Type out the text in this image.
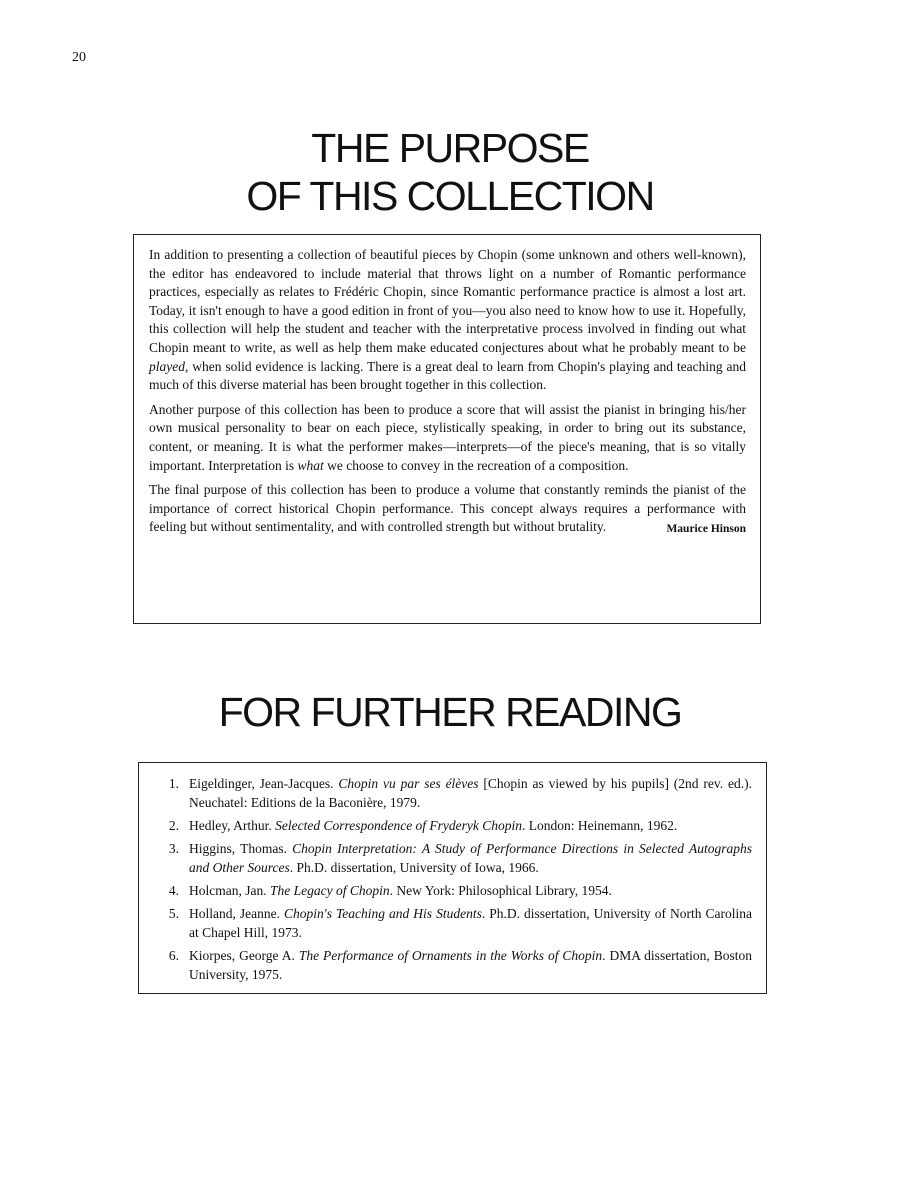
20
THE PURPOSE
OF THIS COLLECTION

In addition to presenting a collection of beautiful pieces by Chopin (some unknown and others well-known), the editor has endeavored to include material that throws light on a number of Romantic performance practices, especially as relates to Frédéric Chopin, since Romantic performance practice is almost a lost art. Today, it isn't enough to have a good edition in front of you—you also need to know how to use it. Hopefully, this collection will help the student and teacher with the interpretative process involved in finding out what Chopin meant to write, as well as help them make educated conjectures about what he probably meant to be played, when solid evidence is lacking. There is a great deal to learn from Chopin's playing and teaching and much of this diverse material has been brought together in this collection.

Another purpose of this collection has been to produce a score that will assist the pianist in bringing his/her own musical personality to bear on each piece, stylistically speaking, in order to bring out its substance, content, or meaning. It is what the performer makes—interprets—of the piece's meaning, that is so vitally important. Interpretation is what we choose to convey in the recreation of a composition.

The final purpose of this collection has been to produce a volume that constantly reminds the pianist of the importance of correct historical Chopin performance. This concept always requires a performance with feeling but without sentimentality, and with controlled strength but without brutality.	Maurice Hinson

FOR FURTHER READING
1. Eigeldinger, Jean-Jacques. Chopin vu par ses élèves [Chopin as viewed by his pupils] (2nd rev. ed.). Neuchatel: Editions de la Baconière, 1979.
2. Hedley, Arthur. Selected Correspondence of Fryderyk Chopin. London: Heinemann, 1962.
3. Higgins, Thomas. Chopin Interpretation: A Study of Performance Directions in Selected Autographs and Other Sources. Ph.D. dissertation, University of Iowa, 1966.
4. Holcman, Jan. The Legacy of Chopin. New York: Philosophical Library, 1954.
5. Holland, Jeanne. Chopin's Teaching and His Students. Ph.D. dissertation, University of North Carolina at Chapel Hill, 1973.
6. Kiorpes, George A. The Performance of Ornaments in the Works of Chopin. DMA dissertation, Boston University, 1975.
